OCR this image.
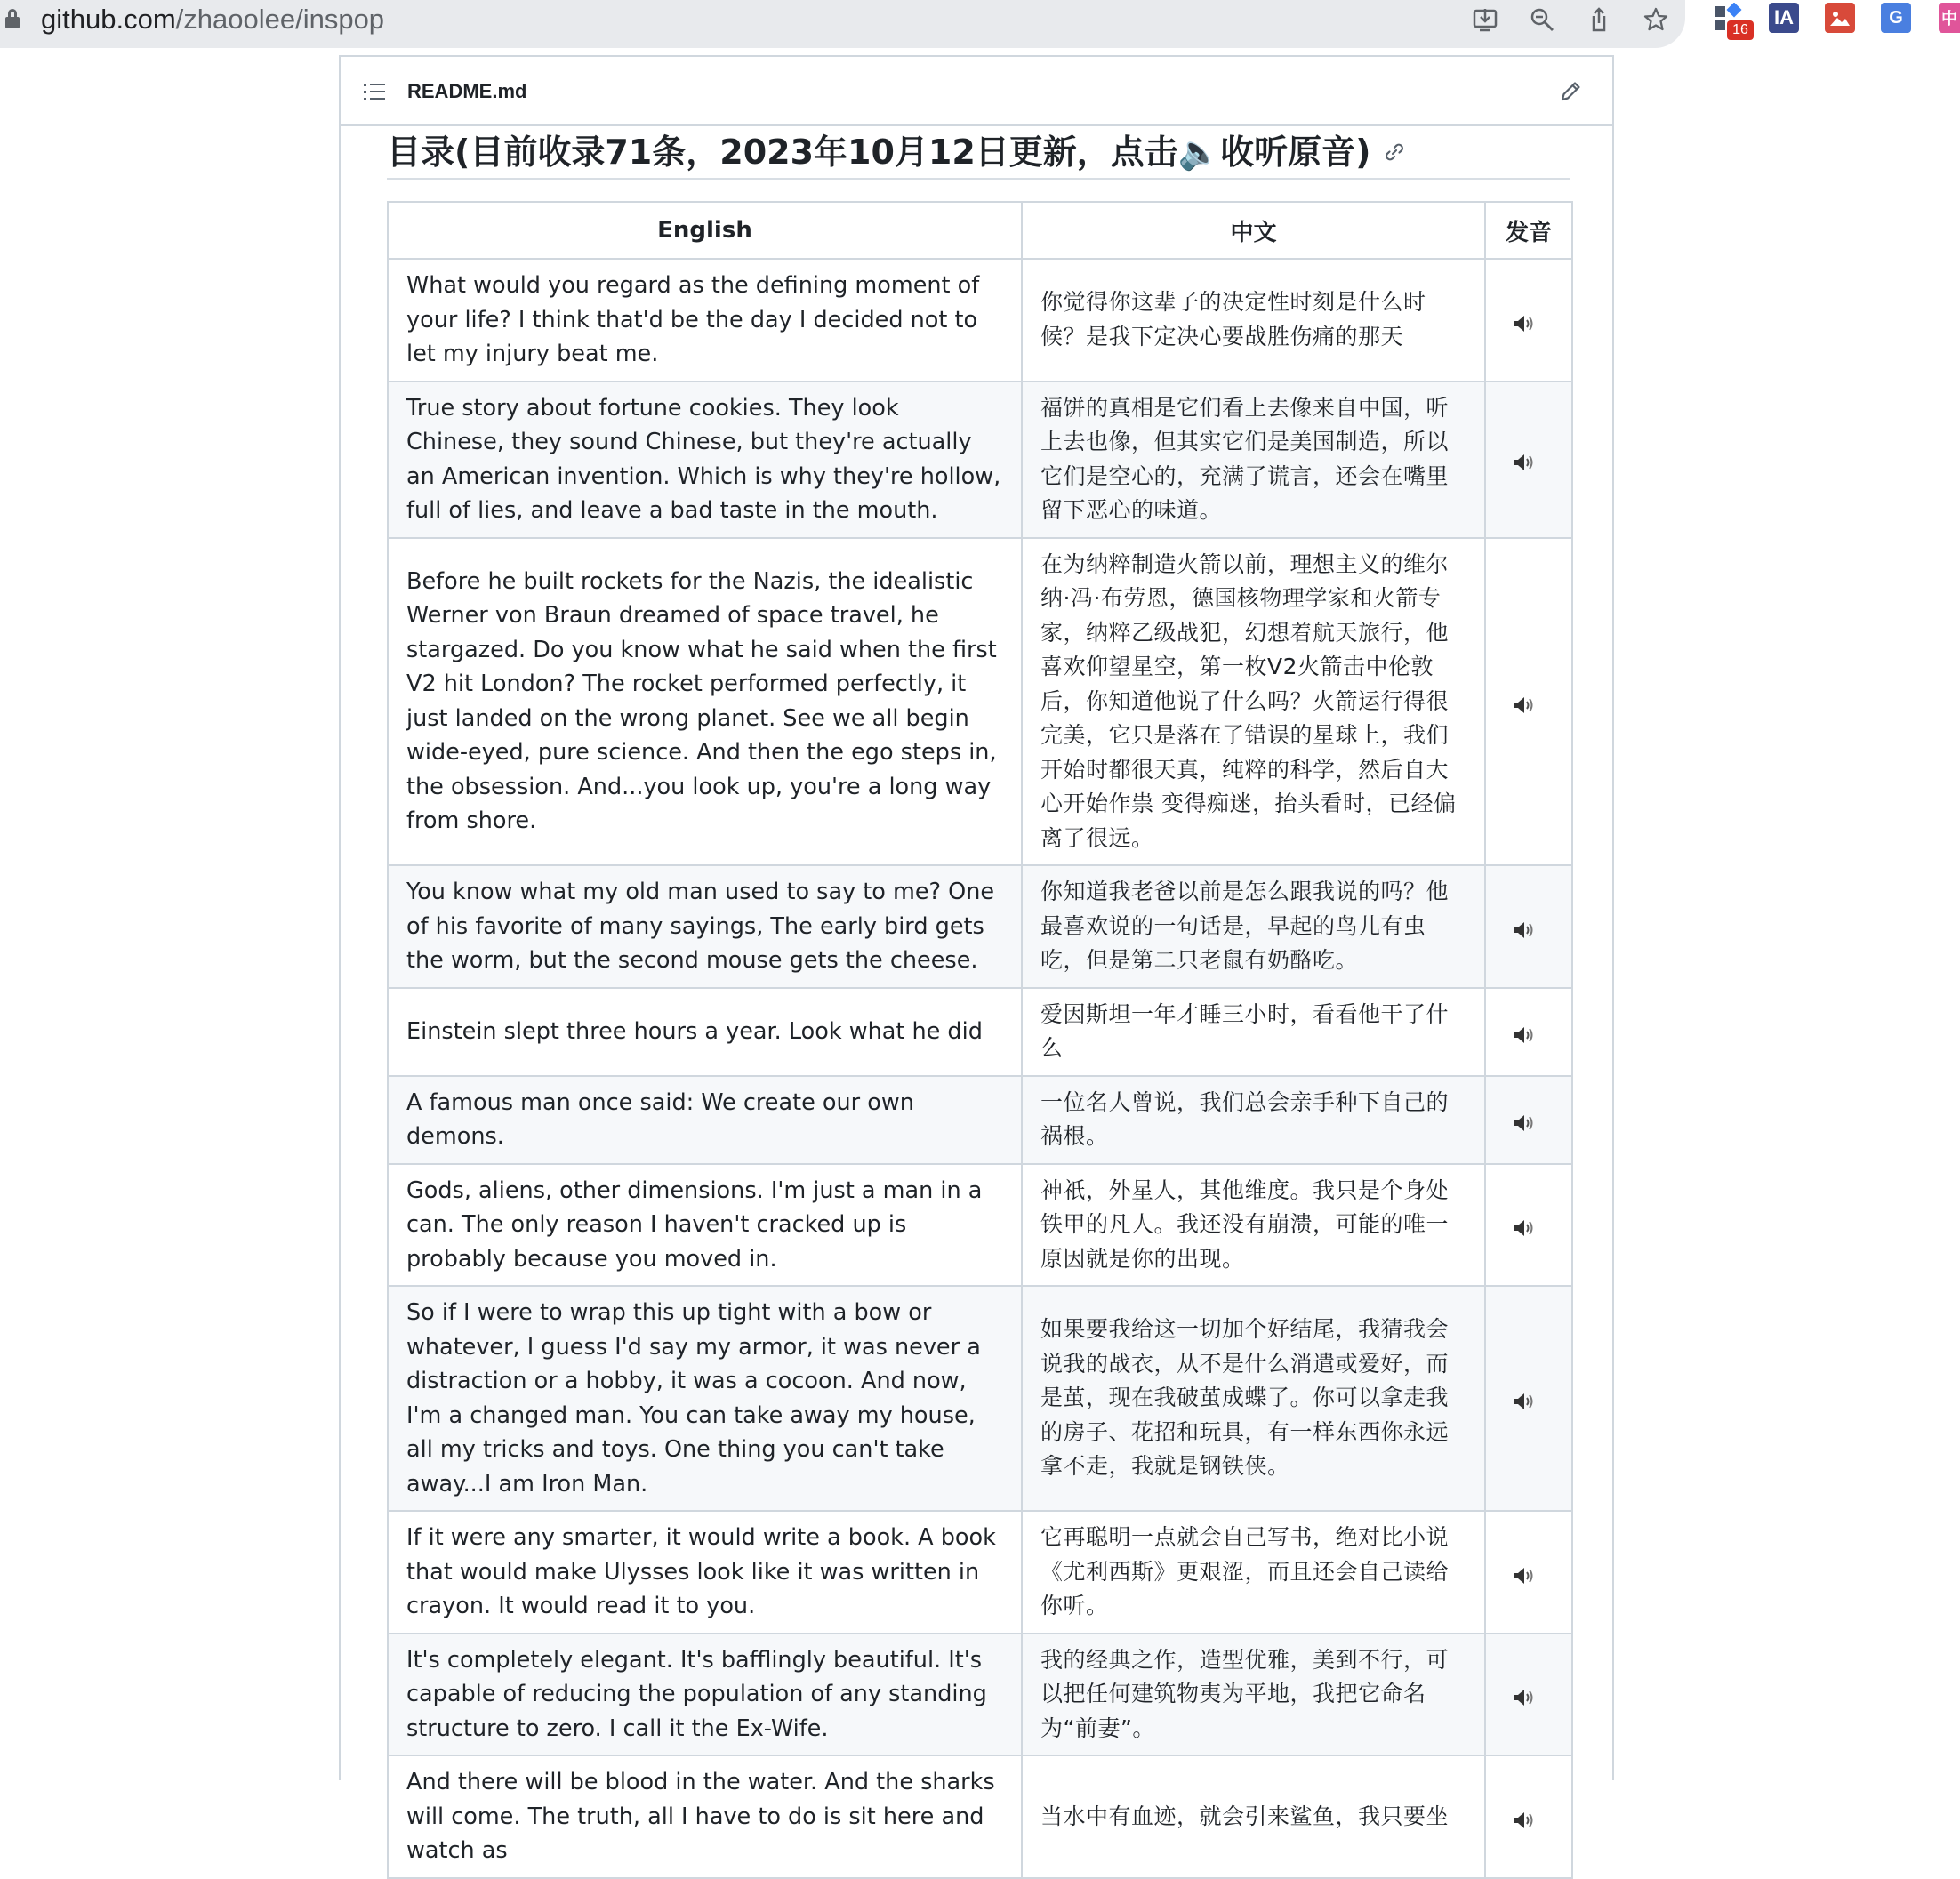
github.com/zhaoolee/inspop	16
IA	G	中
README.md
目录(目前收录71条，2023年10月12日更新，点击🔈收听原音)
English	中文	发音
What would you regard as the defining moment of your life? I think that'd be the day I decided not to let my injury beat me.	你觉得你这辈子的决定性时刻是什么时候？是我下定决心要战胜伤痛的那天	
True story about fortune cookies. They look Chinese, they sound Chinese, but they're actually an American invention. Which is why they're hollow, full of lies, and leave a bad taste in the mouth.	福饼的真相是它们看上去像来自中国，听上去也像，但其实它们是美国制造，所以它们是空心的，充满了谎言，还会在嘴里留下恶心的味道。	
Before he built rockets for the Nazis, the idealistic Werner von Braun dreamed of space travel, he stargazed. Do you know what he said when the first V2 hit London? The rocket performed perfectly, it just landed on the wrong planet. See we all begin wide-eyed, pure science. And then the ego steps in, the obsession. And...you look up, you're a long way from shore.	在为纳粹制造火箭以前，理想主义的维尔纳·冯·布劳恩，德国核物理学家和火箭专家，纳粹乙级战犯，幻想着航天旅行，他喜欢仰望星空，第一枚V2火箭击中伦敦后，你知道他说了什么吗？火箭运行得很完美，它只是落在了错误的星球上，我们开始时都很天真，纯粹的科学，然后自大心开始作祟 变得痴迷，抬头看时，已经偏离了很远。	
You know what my old man used to say to me? One of his favorite of many sayings, The early bird gets the worm, but the second mouse gets the cheese.	你知道我老爸以前是怎么跟我说的吗？他最喜欢说的一句话是，早起的鸟儿有虫吃，但是第二只老鼠有奶酪吃。	
Einstein slept three hours a year. Look what he did	爱因斯坦一年才睡三小时，看看他干了什么	
A famous man once said: We create our own demons.	一位名人曾说，我们总会亲手种下自己的祸根。	
Gods, aliens, other dimensions. I'm just a man in a can. The only reason I haven't cracked up is probably because you moved in.	神祇，外星人，其他维度。我只是个身处铁甲的凡人。我还没有崩溃，可能的唯一原因就是你的出现。	
So if I were to wrap this up tight with a bow or whatever, I guess I'd say my armor, it was never a distraction or a hobby, it was a cocoon. And now, I'm a changed man. You can take away my house, all my tricks and toys. One thing you can't take away...I am Iron Man.	如果要我给这一切加个好结尾，我猜我会说我的战衣，从不是什么消遣或爱好，而是茧，现在我破茧成蝶了。你可以拿走我的房子、花招和玩具，有一样东西你永远拿不走，我就是钢铁侠。	
If it were any smarter, it would write a book. A book that would make Ulysses look like it was written in crayon. It would read it to you.	它再聪明一点就会自己写书，绝对比小说《尤利西斯》更艰涩，而且还会自己读给你听。	
It's completely elegant. It's bafflingly beautiful. It's capable of reducing the population of any standing structure to zero. I call it the Ex-Wife.	我的经典之作，造型优雅，美到不行，可以把任何建筑物夷为平地，我把它命名为“前妻”。	
And there will be blood in the water. And the sharks will come. The truth, all I have to do is sit here and watch as	当水中有血迹，就会引来鲨鱼，我只要坐	
